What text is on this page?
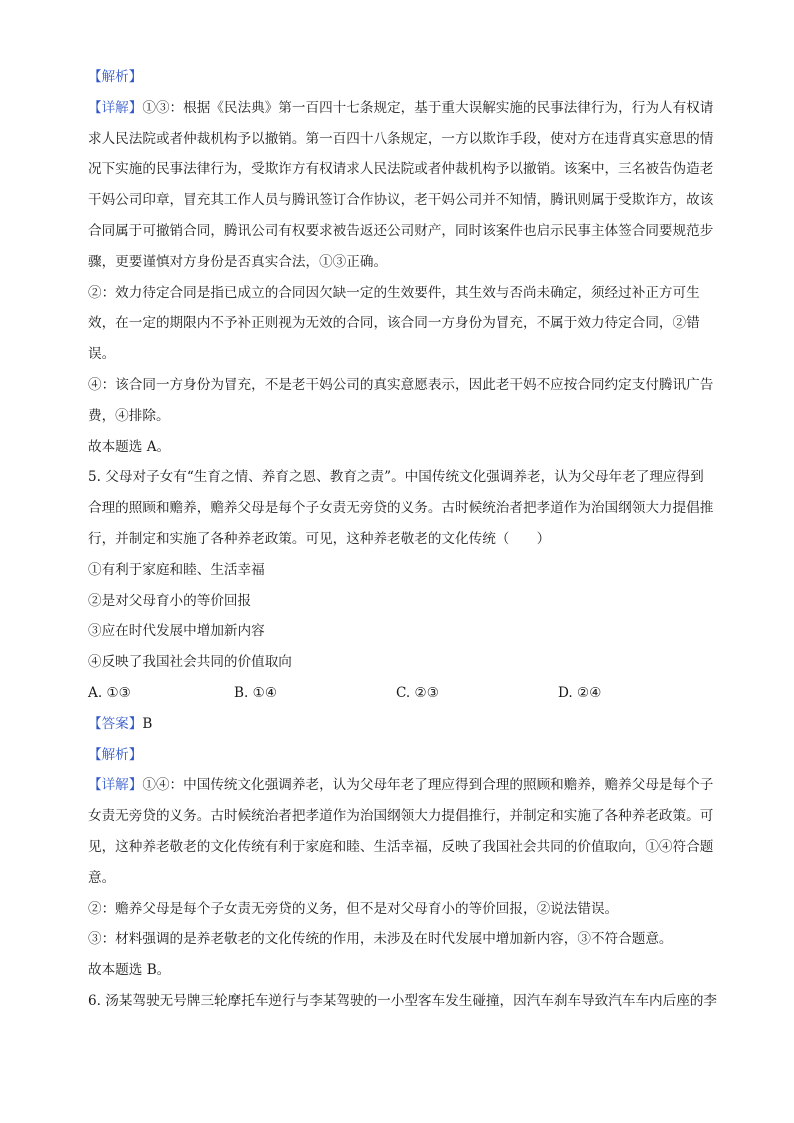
【解析】
【详解】①③：根据《民法典》第一百四十七条规定，基于重大误解实施的民事法律行为，行为人有权请
求人民法院或者仲裁机构予以撤销。第一百四十八条规定，一方以欺诈手段，使对方在违背真实意思的情
况下实施的民事法律行为，受欺诈方有权请求人民法院或者仲裁机构予以撤销。该案中，三名被告伪造老
干妈公司印章，冒充其工作人员与腾讯签订合作协议，老干妈公司并不知情，腾讯则属于受欺诈方，故该
合同属于可撤销合同，腾讯公司有权要求被告返还公司财产，同时该案件也启示民事主体签合同要规范步
骤，更要谨慎对方身份是否真实合法，①③正确。
②：效力待定合同是指已成立的合同因欠缺一定的生效要件，其生效与否尚未确定，须经过补正方可生
效，在一定的期限内不予补正则视为无效的合同，该合同一方身份为冒充，不属于效力待定合同，②错
误。
④：该合同一方身份为冒充，不是老干妈公司的真实意愿表示，因此老干妈不应按合同约定支付腾讯广告
费，④排除。
故本题选 A。
5. 父母对子女有“生育之情、养育之恩、教育之责”。中国传统文化强调养老，认为父母年老了理应得到
合理的照顾和赡养，赡养父母是每个子女责无旁贷的义务。古时候统治者把孝道作为治国纲领大力提倡推
行，并制定和实施了各种养老政策。可见，这种养老敬老的文化传统（　　）
①有利于家庭和睦、生活幸福
②是对父母育小的等价回报
③应在时代发展中增加新内容
④反映了我国社会共同的价值取向
A. ①③	B. ①④	C. ②③	D. ②④
【答案】B
【解析】
【详解】①④：中国传统文化强调养老，认为父母年老了理应得到合理的照顾和赡养，赡养父母是每个子
女责无旁贷的义务。古时候统治者把孝道作为治国纲领大力提倡推行，并制定和实施了各种养老政策。可
见，这种养老敬老的文化传统有利于家庭和睦、生活幸福，反映了我国社会共同的价值取向，①④符合题
意。
②：赡养父母是每个子女责无旁贷的义务，但不是对父母育小的等价回报，②说法错误。
③：材料强调的是养老敬老的文化传统的作用，未涉及在时代发展中增加新内容，③不符合题意。
故本题选 B。
6. 汤某驾驶无号牌三轮摩托车逆行与李某驾驶的一小型客车发生碰撞，因汽车刹车导致汽车车内后座的李
